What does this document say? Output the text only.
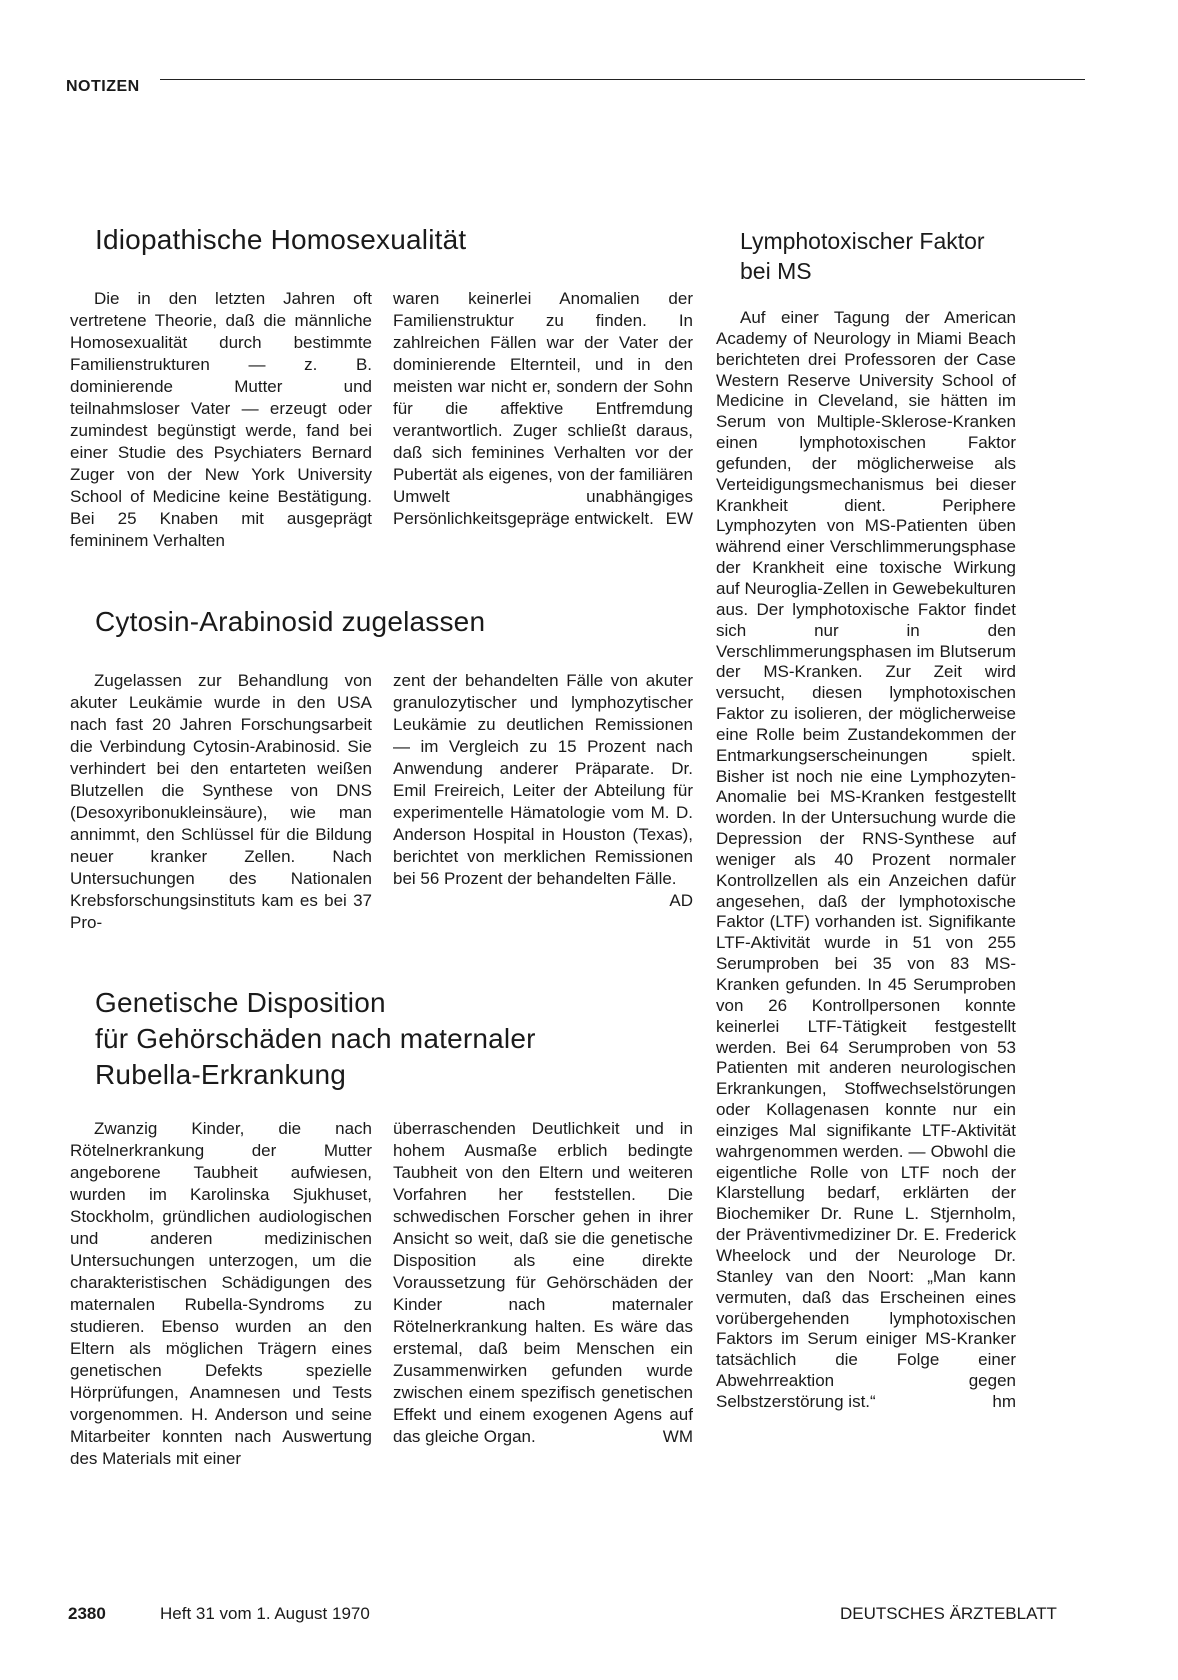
NOTIZEN
Idiopathische Homosexualität

Die in den letzten Jahren oft vertretene Theorie, daß die männliche Homosexualität durch bestimmte Familienstrukturen — z. B. dominierende Mutter und teilnahmsloser Vater — erzeugt oder zumindest begünstigt werde, fand bei einer Studie des Psychiaters Bernard Zuger von der New York University School of Medicine keine Bestätigung. Bei 25 Knaben mit ausgeprägt femininem Verhalten

waren keinerlei Anomalien der Familienstruktur zu finden. In zahlreichen Fällen war der Vater der dominierende Elternteil, und in den meisten war nicht er, sondern der Sohn für die affektive Entfremdung verantwortlich. Zuger schließt daraus, daß sich feminines Verhalten vor der Pubertät als eigenes, von der familiären Umwelt unabhängiges Persönlichkeitsgepräge entwickelt. EW

Cytosin-Arabinosid zugelassen

Zugelassen zur Behandlung von akuter Leukämie wurde in den USA nach fast 20 Jahren Forschungsarbeit die Verbindung Cytosin-Arabinosid. Sie verhindert bei den entarteten weißen Blutzellen die Synthese von DNS (Desoxyribonukleinsäure), wie man annimmt, den Schlüssel für die Bildung neuer kranker Zellen. Nach Untersuchungen des Nationalen Krebsforschungsinstituts kam es bei 37 Pro-

zent der behandelten Fälle von akuter granulozytischer und lymphozytischer Leukämie zu deutlichen Remissionen — im Vergleich zu 15 Prozent nach Anwendung anderer Präparate. Dr. Emil Freireich, Leiter der Abteilung für experimentelle Hämatologie vom M. D. Anderson Hospital in Houston (Texas), berichtet von merklichen Remissionen bei 56 Prozent der behandelten Fälle.
AD

Genetische Disposition
für Gehörschäden nach maternaler
Rubella-Erkrankung

Zwanzig Kinder, die nach Rötelnerkrankung der Mutter angeborene Taubheit aufwiesen, wurden im Karolinska Sjukhuset, Stockholm, gründlichen audiologischen und anderen medizinischen Untersuchungen unterzogen, um die charakteristischen Schädigungen des maternalen Rubella-Syndroms zu studieren. Ebenso wurden an den Eltern als möglichen Trägern eines genetischen Defekts spezielle Hörprüfungen, Anamnesen und Tests vorgenommen. H. Anderson und seine Mitarbeiter konnten nach Auswertung des Materials mit einer

überraschenden Deutlichkeit und in hohem Ausmaße erblich bedingte Taubheit von den Eltern und weiteren Vorfahren her feststellen. Die schwedischen Forscher gehen in ihrer Ansicht so weit, daß sie die genetische Disposition als eine direkte Voraussetzung für Gehörschäden der Kinder nach maternaler Rötelnerkrankung halten. Es wäre das erstemal, daß beim Menschen ein Zusammenwirken gefunden wurde zwischen einem spezifisch genetischen Effekt und einem exogenen Agens auf das gleiche Organ.	WM

Lymphotoxischer Faktor
bei MS

Auf einer Tagung der American Academy of Neurology in Miami Beach berichteten drei Professoren der Case Western Reserve University School of Medicine in Cleveland, sie hätten im Serum von Multiple-Sklerose-Kranken einen lymphotoxischen Faktor gefunden, der möglicherweise als Verteidigungsmechanismus bei dieser Krankheit dient. Periphere Lymphozyten von MS-Patienten üben während einer Verschlimmerungsphase der Krankheit eine toxische Wirkung auf Neuroglia-Zellen in Gewebekulturen aus. Der lymphotoxische Faktor findet sich nur in den Verschlimmerungsphasen im Blutserum der MS-Kranken. Zur Zeit wird versucht, diesen lymphotoxischen Faktor zu isolieren, der möglicherweise eine Rolle beim Zustandekommen der Entmarkungserscheinungen spielt. Bisher ist noch nie eine Lymphozyten-Anomalie bei MS-Kranken festgestellt worden. In der Untersuchung wurde die Depression der RNS-Synthese auf weniger als 40 Prozent normaler Kontrollzellen als ein Anzeichen dafür angesehen, daß der lymphotoxische Faktor (LTF) vorhanden ist. Signifikante LTF-Aktivität wurde in 51 von 255 Serumproben bei 35 von 83 MS-Kranken gefunden. In 45 Serumproben von 26 Kontrollpersonen konnte keinerlei LTF-Tätigkeit festgestellt werden. Bei 64 Serumproben von 53 Patienten mit anderen neurologischen Erkrankungen, Stoffwechselstörungen oder Kollagenasen konnte nur ein einziges Mal signifikante LTF-Aktivität wahrgenommen werden. — Obwohl die eigentliche Rolle von LTF noch der Klarstellung bedarf, erklärten der Biochemiker Dr. Rune L. Stjernholm, der Präventivmediziner Dr. E. Frederick Wheelock und der Neurologe Dr. Stanley van den Noort: „Man kann vermuten, daß das Erscheinen eines vorübergehenden lymphotoxischen Faktors im Serum einiger MS-Kranker tatsächlich die Folge einer Abwehrreaktion gegen Selbstzerstörung ist.“	hm

2380	Heft 31 vom 1. August 1970	DEUTSCHES ÄRZTEBLATT
